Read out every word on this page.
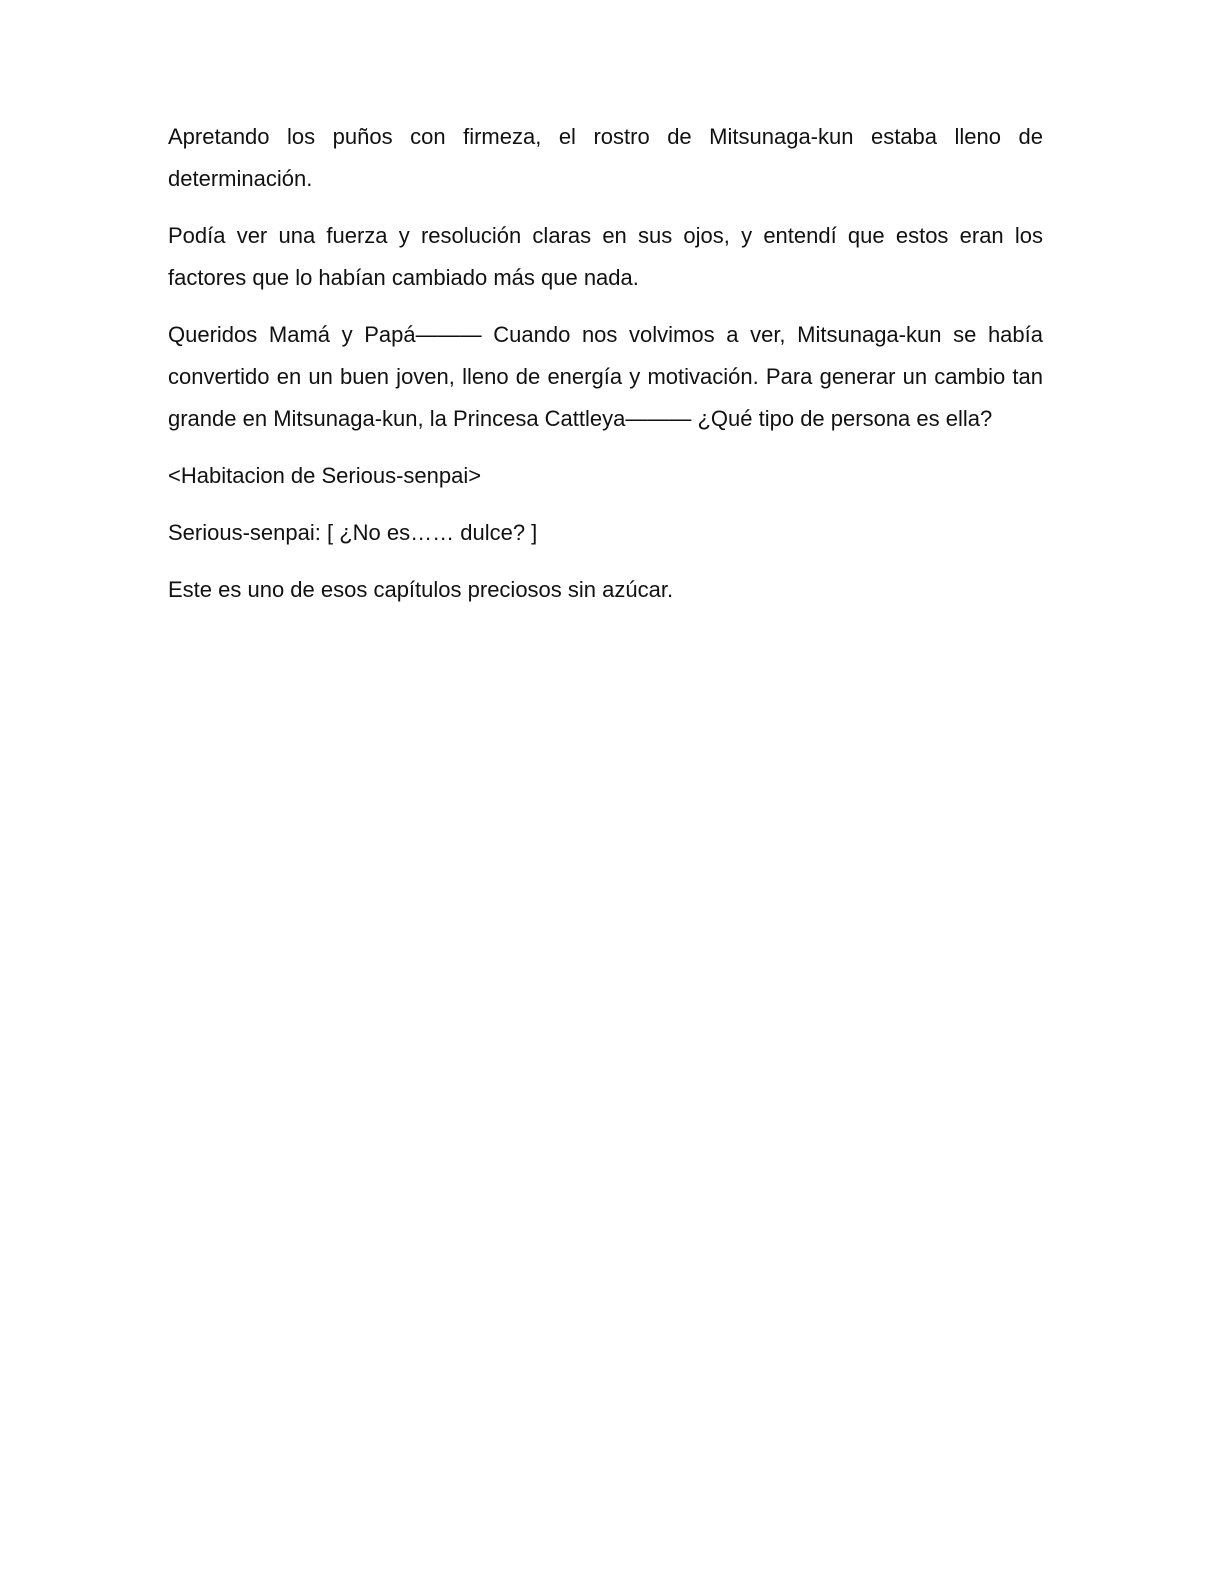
Apretando los puños con firmeza, el rostro de Mitsunaga-kun estaba lleno de determinación.

Podía ver una fuerza y resolución claras en sus ojos, y entendí que estos eran los factores que lo habían cambiado más que nada.

Queridos Mamá y Papá——— Cuando nos volvimos a ver, Mitsunaga-kun se había convertido en un buen joven, lleno de energía y motivación. Para generar un cambio tan grande en Mitsunaga-kun, la Princesa Cattleya——— ¿Qué tipo de persona es ella?

<Habitacion de Serious-senpai>

Serious-senpai: [ ¿No es…… dulce? ]

Este es uno de esos capítulos preciosos sin azúcar.
